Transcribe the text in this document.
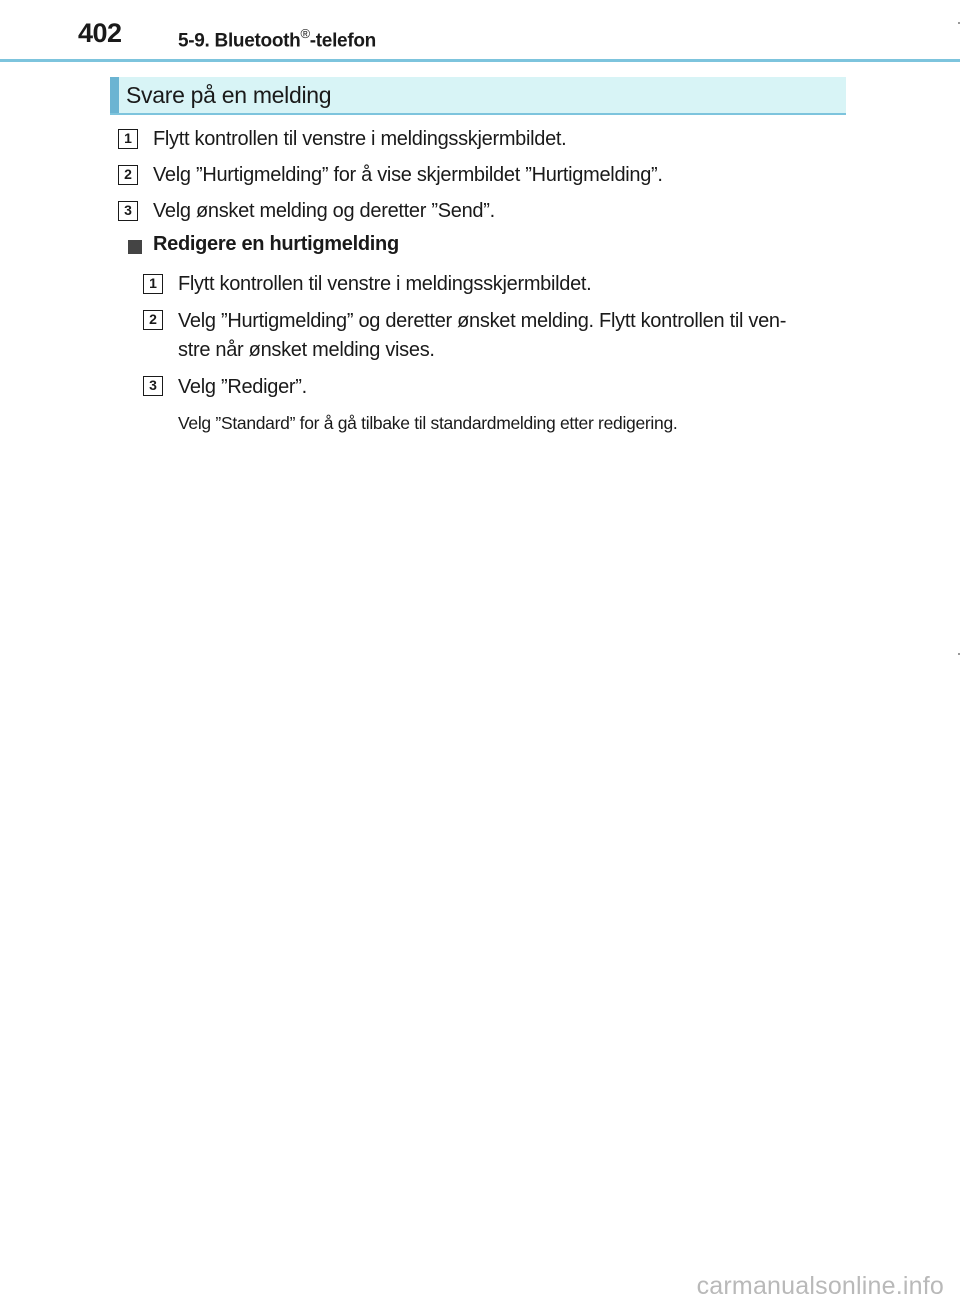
402	5-9. Bluetooth®-telefon
Svare på en melding
1	Flytt kontrollen til venstre i meldingsskjermbildet.
2	Velg ”Hurtigmelding” for å vise skjermbildet ”Hurtigmelding”.
3	Velg ønsket melding og deretter ”Send”.
Redigere en hurtigmelding
1	Flytt kontrollen til venstre i meldingsskjermbildet.
2	Velg ”Hurtigmelding” og deretter ønsket melding. Flytt kontrollen til ven-
stre når ønsket melding vises.
3	Velg ”Rediger”.
Velg ”Standard” for å gå tilbake til standardmelding etter redigering.
carmanualsonline.info
